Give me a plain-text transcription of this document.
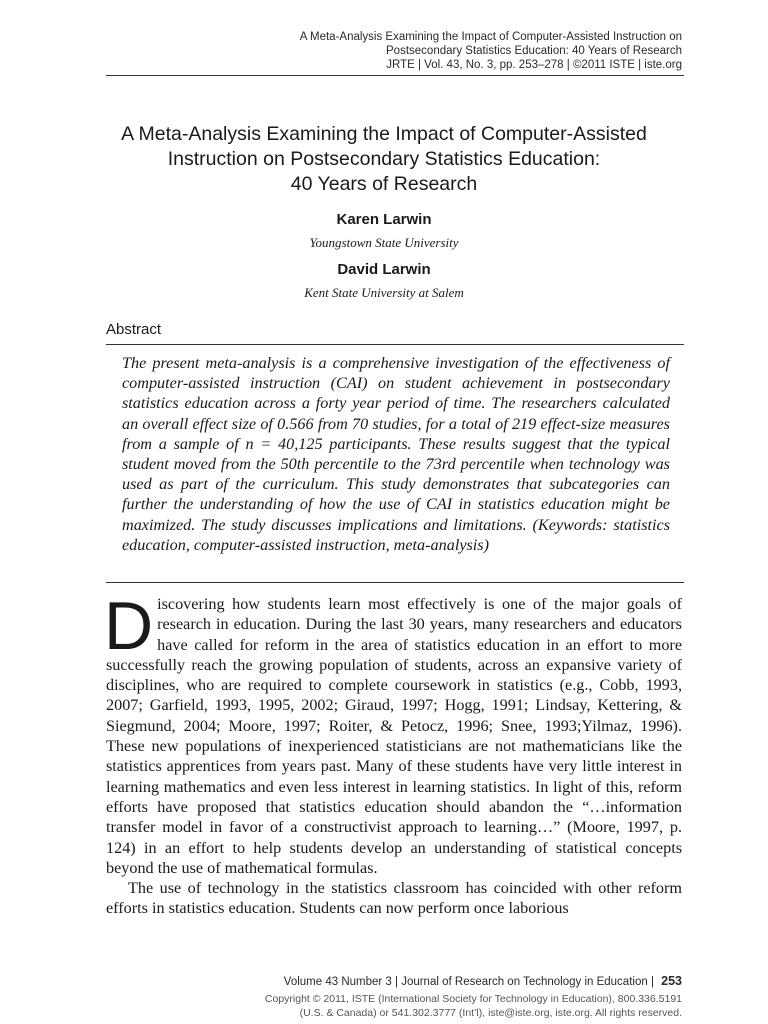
A Meta-Analysis Examining the Impact of Computer-Assisted Instruction on
Postsecondary Statistics Education: 40 Years of Research
JRTE | Vol. 43, No. 3, pp. 253–278 | ©2011 ISTE | iste.org
A Meta-Analysis Examining the Impact of Computer-Assisted
Instruction on Postsecondary Statistics Education:
40 Years of Research
Karen Larwin
Youngstown State University
David Larwin
Kent State University at Salem
Abstract
The present meta-analysis is a comprehensive investigation of the effectiveness of computer-assisted instruction (CAI) on student achievement in postsecondary statistics education across a forty year period of time. The researchers calculated an overall effect size of 0.566 from 70 studies, for a total of 219 effect-size measures from a sample of n = 40,125 participants. These results suggest that the typical student moved from the 50th percentile to the 73rd percentile when technology was used as part of the curriculum. This study demonstrates that subcategories can further the understanding of how the use of CAI in statistics education might be maximized. The study discusses implications and limitations. (Keywords: statistics education, computer-assisted instruction, meta-analysis)

Discovering how students learn most effectively is one of the major goals of research in education. During the last 30 years, many researchers and educators have called for reform in the area of statistics education in an effort to more successfully reach the growing population of students, across an expansive variety of disciplines, who are required to complete coursework in statistics (e.g., Cobb, 1993, 2007; Garfield, 1993, 1995, 2002; Giraud, 1997; Hogg, 1991; Lindsay, Kettering, & Siegmund, 2004; Moore, 1997; Roiter, & Petocz, 1996; Snee, 1993;Yilmaz, 1996). These new populations of inexperienced statisticians are not mathematicians like the statistics apprentices from years past. Many of these students have very little interest in learning mathematics and even less interest in learning statistics. In light of this, reform efforts have proposed that statistics education should abandon the “…information transfer model in favor of a constructivist approach to learning…” (Moore, 1997, p. 124) in an effort to help students develop an understanding of statistical concepts beyond the use of mathematical formulas.

The use of technology in the statistics classroom has coincided with other reform efforts in statistics education. Students can now perform once laborious

Volume 43 Number 3 | Journal of Research on Technology in Education | 253
Copyright © 2011, ISTE (International Society for Technology in Education), 800.336.5191
(U.S. & Canada) or 541.302.3777 (Int’l), iste@iste.org, iste.org. All rights reserved.
